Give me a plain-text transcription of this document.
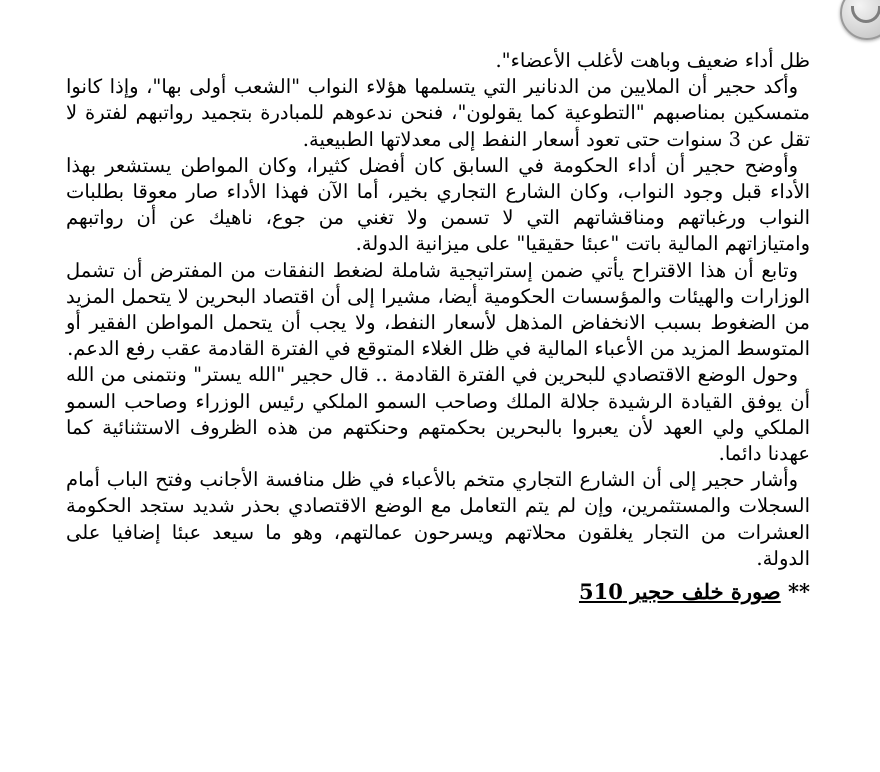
ظل أداء ضعيف وباهت لأغلب الأعضاء".

وأكد حجير أن الملايين من الدنانير التي يتسلمها هؤلاء النواب "الشعب أولى بها"، وإذا كانوا متمسكين بمناصبهم "التطوعية كما يقولون"، فنحن ندعوهم للمبادرة بتجميد رواتبهم لفترة لا تقل عن 3 سنوات حتى تعود أسعار النفط إلى معدلاتها الطبيعية.

وأوضح حجير أن أداء الحكومة في السابق كان أفضل كثيرا، وكان المواطن يستشعر بهذا الأداء قبل وجود النواب، وكان الشارع التجاري بخير، أما الآن فهذا الأداء صار معوقا بطلبات النواب ورغباتهم ومناقشاتهم التي لا تسمن ولا تغني من جوع، ناهيك عن أن رواتبهم وامتيازاتهم المالية باتت "عبئا حقيقيا" على ميزانية الدولة.

وتابع أن هذا الاقتراح يأتي ضمن إستراتيجية شاملة لضغط النفقات من المفترض أن تشمل الوزارات والهيئات والمؤسسات الحكومية أيضا، مشيرا إلى أن اقتصاد البحرين لا يتحمل المزيد من الضغوط بسبب الانخفاض المذهل لأسعار النفط، ولا يجب أن يتحمل المواطن الفقير أو المتوسط المزيد من الأعباء المالية في ظل الغلاء المتوقع في الفترة القادمة عقب رفع الدعم.

وحول الوضع الاقتصادي للبحرين في الفترة القادمة .. قال حجير "الله يستر" ونتمنى من الله أن يوفق القيادة الرشيدة جلالة الملك وصاحب السمو الملكي رئيس الوزراء وصاحب السمو الملكي ولي العهد لأن يعبروا بالبحرين بحكمتهم وحنكتهم من هذه الظروف الاستثنائية كما عهدنا دائما.

وأشار حجير إلى أن الشارع التجاري متخم بالأعباء في ظل منافسة الأجانب وفتح الباب أمام السجلات والمستثمرين، وإن لم يتم التعامل مع الوضع الاقتصادي بحذر شديد ستجد الحكومة العشرات من التجار يغلقون محلاتهم ويسرحون عمالتهم، وهو ما سيعد عبئا إضافيا على الدولة.

** صورة خلف حجير 510
